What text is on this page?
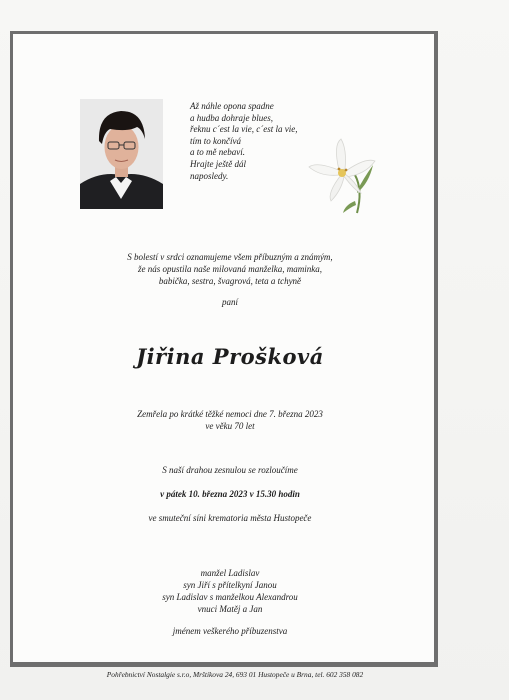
Až náhle opona spadne
a hudba dohraje blues,
řeknu c´est la vie, c´est la vie,
tím to končívá
a to mě nebaví.
Hrajte ještě dál
naposledy.
S bolestí v srdci oznamujeme všem příbuzným a známým,
že nás opustila naše milovaná manželka, maminka,
babička, sestra, švagrová, teta a tchyně
paní
Jiřina Prošková
Zemřela po krátké těžké nemoci dne 7. března 2023
ve věku 70 let
S naší drahou zesnulou se rozloučíme
v pátek 10. března 2023 v 15.30 hodin
ve smuteční síni krematoria města Hustopeče
manžel Ladislav
syn Jiří s přítelkyní Janou
syn Ladislav s manželkou Alexandrou
vnuci Matěj a Jan
jménem veškerého příbuzenstva
Pohřebnictví Nostalgie s.r.o, Mrštíkova 24, 693 01 Hustopeče u Brna, tel. 602 358 082
